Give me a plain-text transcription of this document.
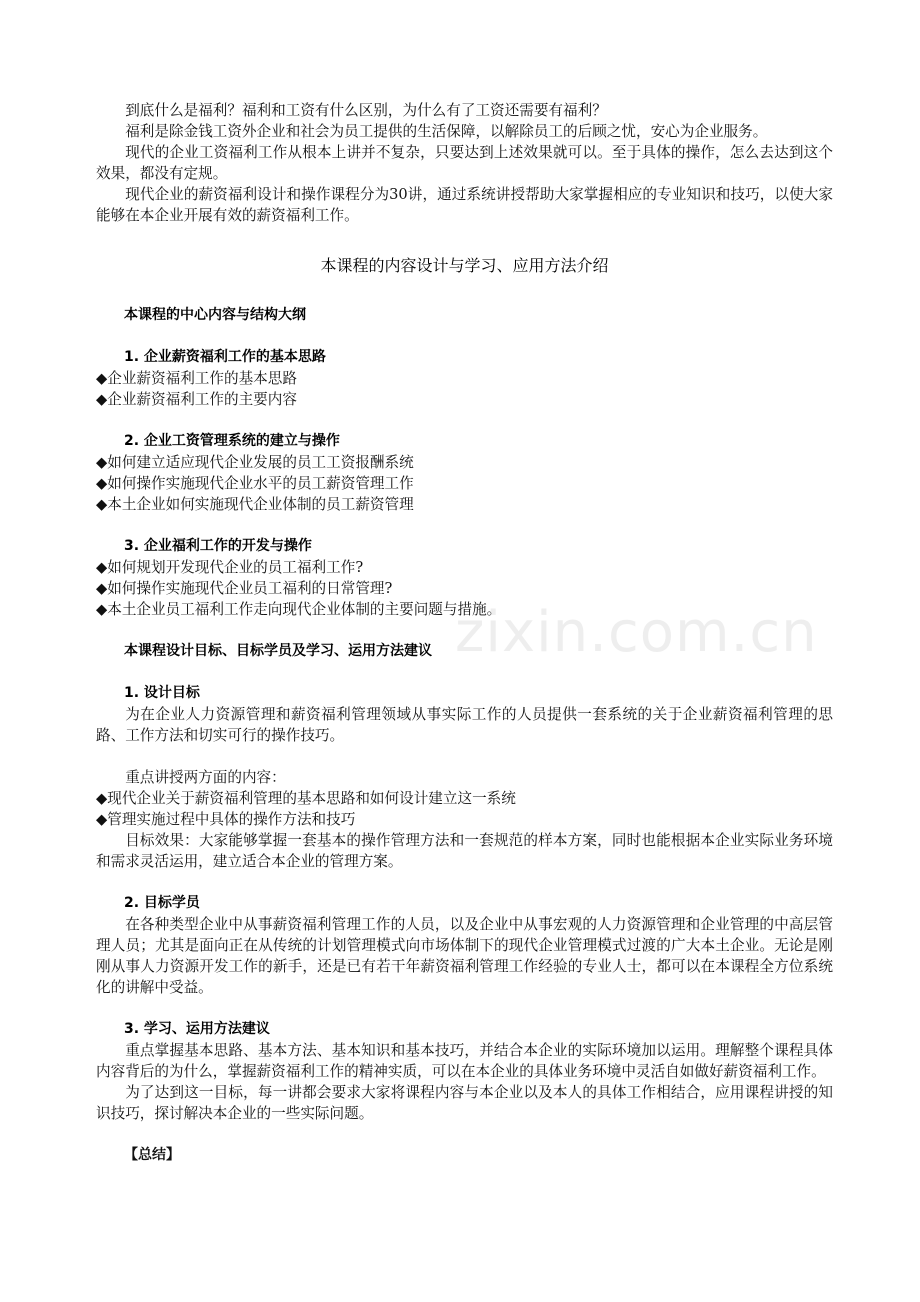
到底什么是福利？福利和工资有什么区别，为什么有了工资还需要有福利？

福利是除金钱工资外企业和社会为员工提供的生活保障，以解除员工的后顾之忧，安心为企业服务。

现代的企业工资福利工作从根本上讲并不复杂，只要达到上述效果就可以。至于具体的操作，怎么去达到这个效果，都没有定规。

现代企业的薪资福利设计和操作课程分为30讲，通过系统讲授帮助大家掌握相应的专业知识和技巧，以使大家能够在本企业开展有效的薪资福利工作。

本课程的内容设计与学习、应用方法介绍

本课程的中心内容与结构大纲

1. 企业薪资福利工作的基本思路

◆企业薪资福利工作的基本思路

◆企业薪资福利工作的主要内容

2. 企业工资管理系统的建立与操作

◆如何建立适应现代企业发展的员工工资报酬系统

◆如何操作实施现代企业水平的员工薪资管理工作

◆本土企业如何实施现代企业体制的员工薪资管理

3. 企业福利工作的开发与操作

◆如何规划开发现代企业的员工福利工作?

◆如何操作实施现代企业员工福利的日常管理?

◆本土企业员工福利工作走向现代企业体制的主要问题与措施。

本课程设计目标、目标学员及学习、运用方法建议

1. 设计目标

为在企业人力资源管理和薪资福利管理领域从事实际工作的人员提供一套系统的关于企业薪资福利管理的思路、工作方法和切实可行的操作技巧。

重点讲授两方面的内容：

◆现代企业关于薪资福利管理的基本思路和如何设计建立这一系统

◆管理实施过程中具体的操作方法和技巧

目标效果：大家能够掌握一套基本的操作管理方法和一套规范的样本方案，同时也能根据本企业实际业务环境和需求灵活运用，建立适合本企业的管理方案。

2. 目标学员

在各种类型企业中从事薪资福利管理工作的人员，以及企业中从事宏观的人力资源管理和企业管理的中高层管理人员；尤其是面向正在从传统的计划管理模式向市场体制下的现代企业管理模式过渡的广大本土企业。无论是刚刚从事人力资源开发工作的新手，还是已有若干年薪资福利管理工作经验的专业人士，都可以在本课程全方位系统化的讲解中受益。

3. 学习、运用方法建议

重点掌握基本思路、基本方法、基本知识和基本技巧，并结合本企业的实际环境加以运用。理解整个课程具体内容背后的为什么，掌握薪资福利工作的精神实质，可以在本企业的具体业务环境中灵活自如做好薪资福利工作。

为了达到这一目标，每一讲都会要求大家将课程内容与本企业以及本人的具体工作相结合，应用课程讲授的知识技巧，探讨解决本企业的一些实际问题。

【总结】

zixin.com.cn
